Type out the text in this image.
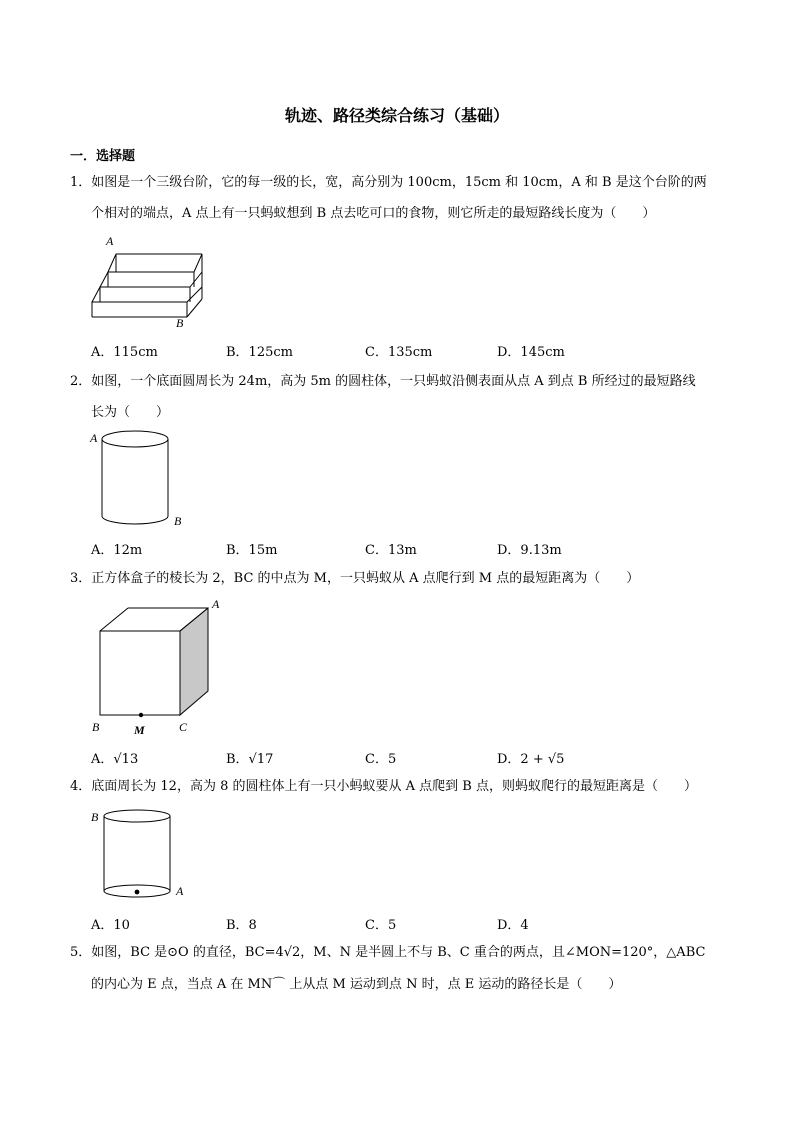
轨迹、路径类综合练习（基础）
一．选择题
1．如图是一个三级台阶，它的每一级的长，宽，高分别为 100cm，15cm 和 10cm，A 和 B 是这个台阶的两
个相对的端点，A 点上有一只蚂蚁想到 B 点去吃可口的食物，则它所走的最短路线长度为（　　）
A
B
A．115cm	B．125cm	C．135cm	D．145cm
2．如图，一个底面圆周长为 24m，高为 5m 的圆柱体，一只蚂蚁沿侧表面从点 A 到点 B 所经过的最短路线
长为（　　）
A
B
A．12m	B．15m	C．13m	D．9.13m
3．正方体盒子的棱长为 2，BC 的中点为 M，一只蚂蚁从 A 点爬行到 M 点的最短距离为（　　）
A
B	C
M
A．√13	B．√17	C．5	D．2 + √5
4．底面周长为 12，高为 8 的圆柱体上有一只小蚂蚁要从 A 点爬到 B 点，则蚂蚁爬行的最短距离是（　　）
B
A
A．10	B．8	C．5	D．4
5．如图，BC 是⊙O 的直径，BC=4√2，M、N 是半圆上不与 B、C 重合的两点，且∠MON=120°，△ABC
的内心为 E 点，当点 A 在 MN⌒ 上从点 M 运动到点 N 时，点 E 运动的路径长是（　　）
